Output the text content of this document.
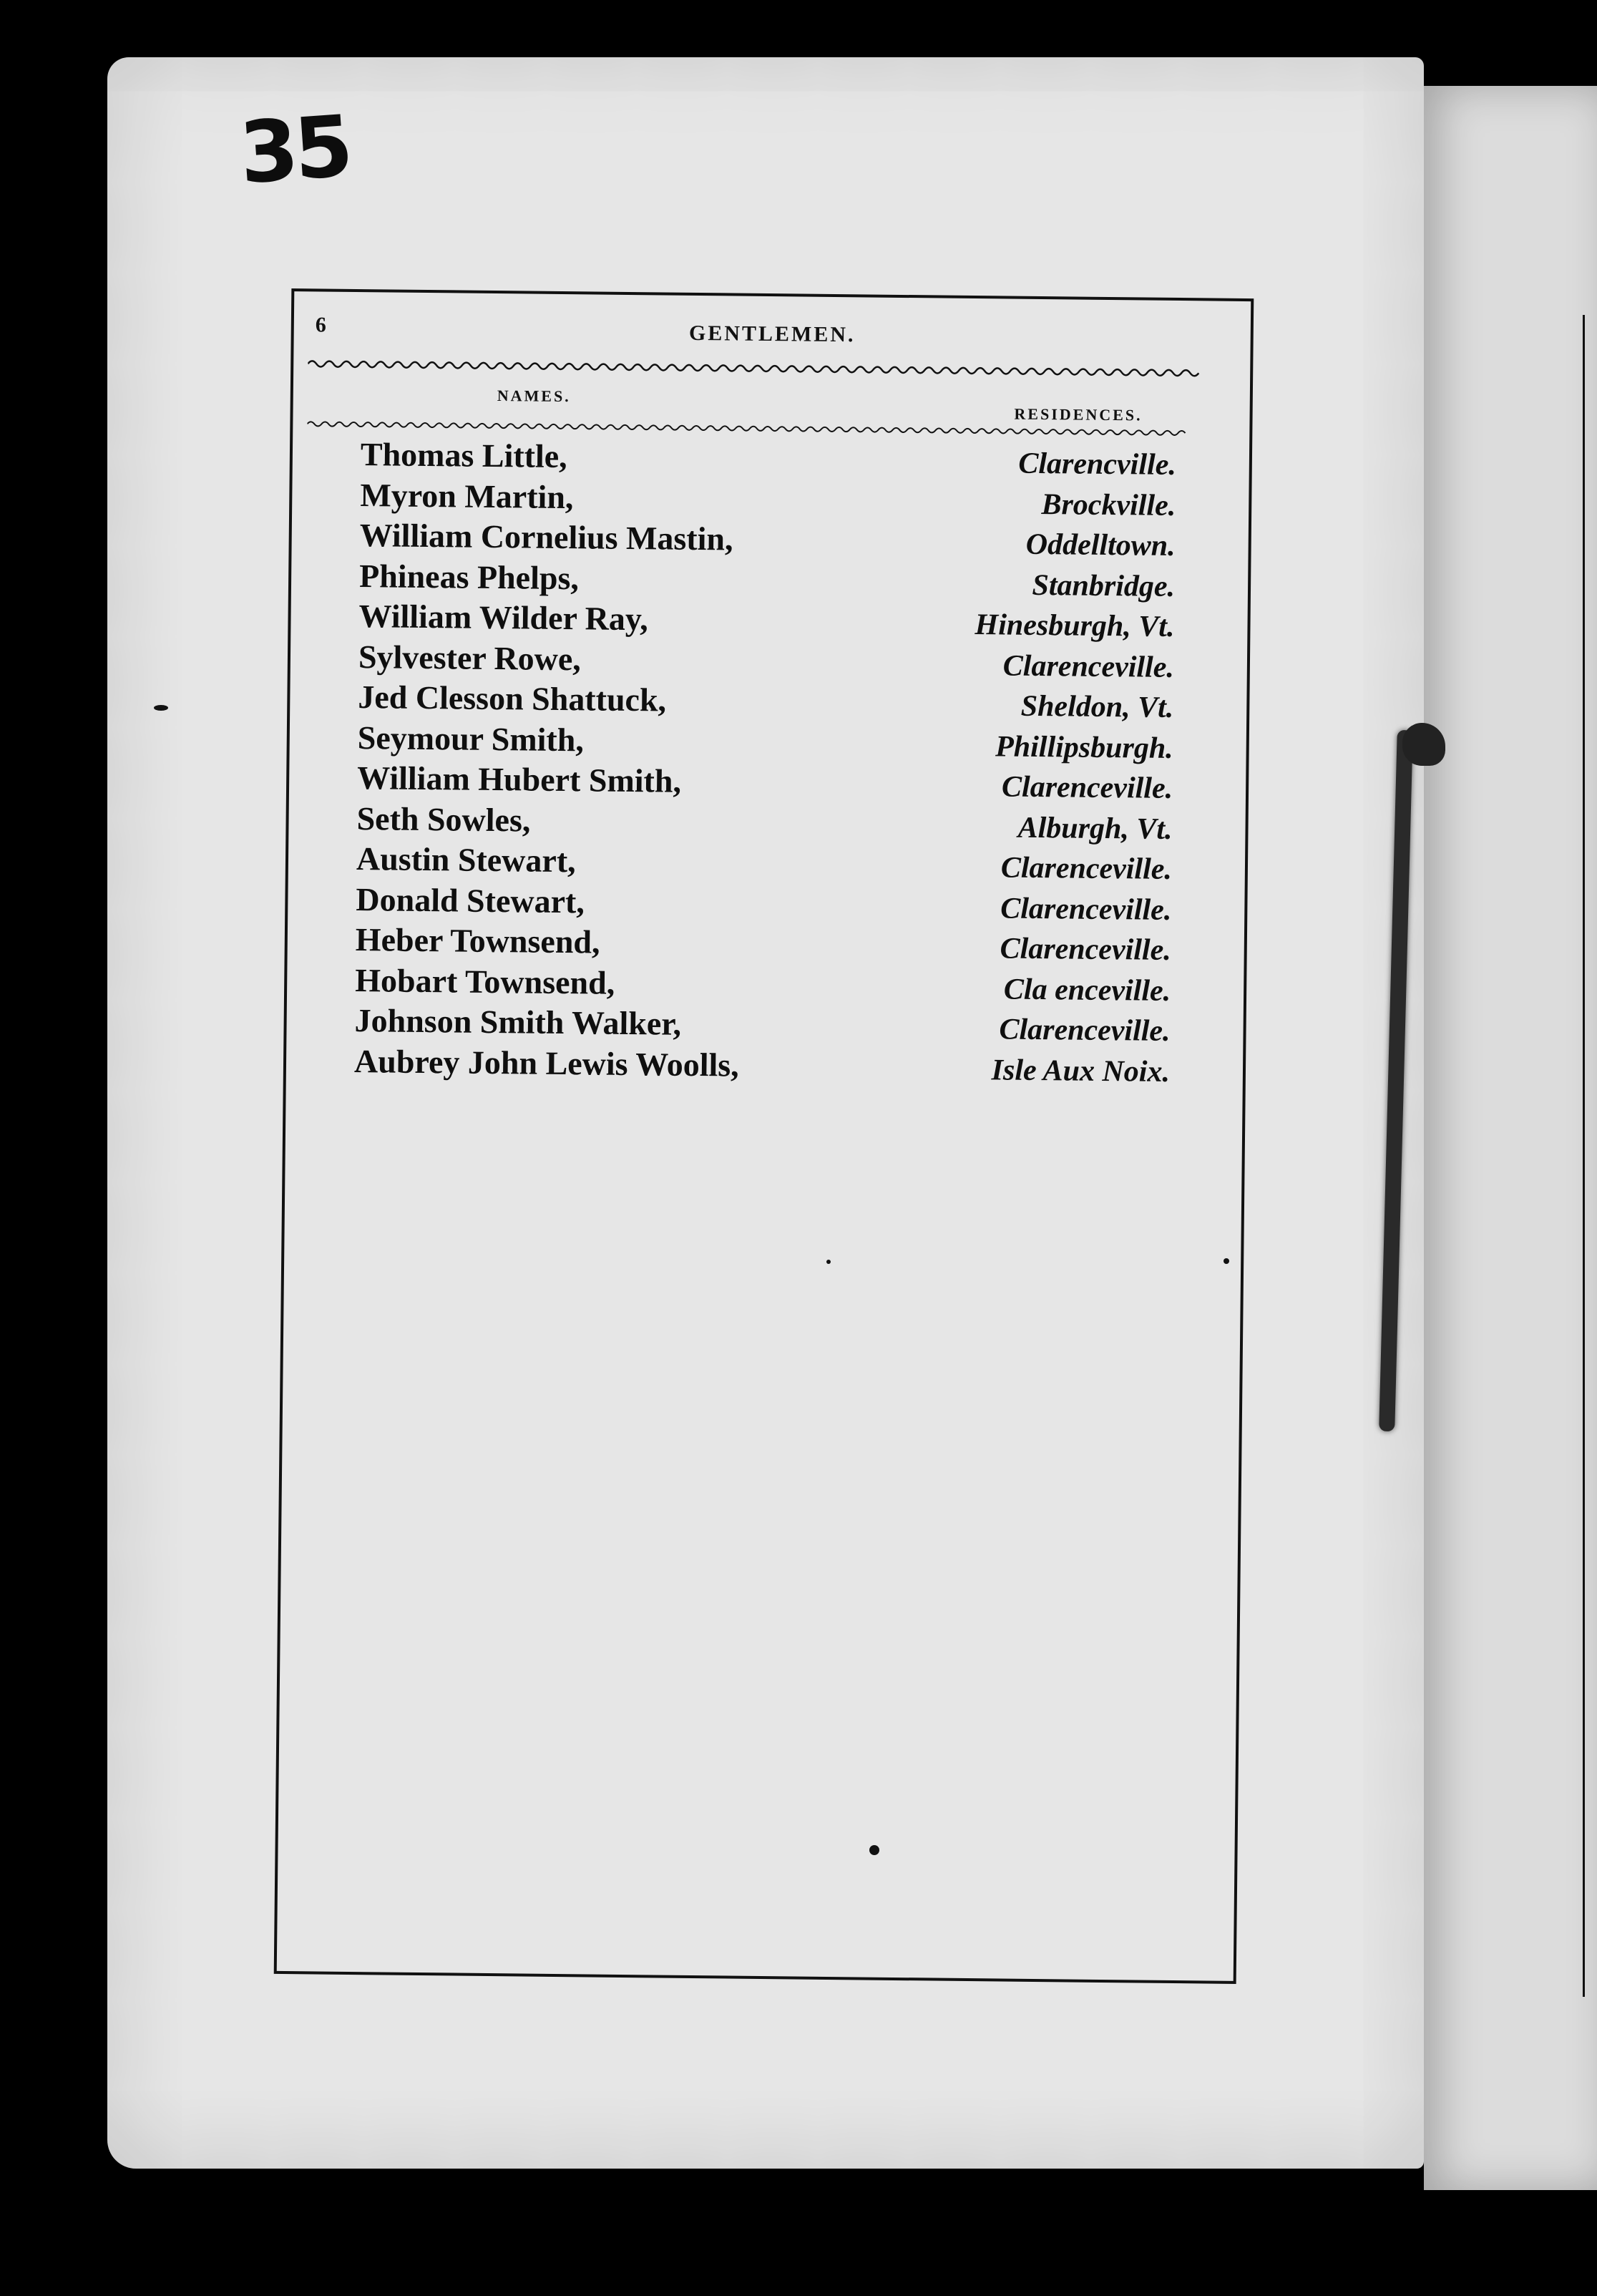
35
6	GENTLEMEN.
NAMES.
RESIDENCES.
Thomas Little,	Clarencville.
Myron Martin,	Brockville.
William Cornelius Mastin,	Oddelltown.
Phineas Phelps,	Stanbridge.
William Wilder Ray,	Hinesburgh, Vt.
Sylvester Rowe,	Clarenceville.
Jed Clesson Shattuck,	Sheldon, Vt.
Seymour Smith,	Phillipsburgh.
William Hubert Smith,	Clarenceville.
Seth Sowles,	Alburgh, Vt.
Austin Stewart,	Clarenceville.
Donald Stewart,	Clarenceville.
Heber Townsend,	Clarenceville.
Hobart Townsend,	Cla enceville.
Johnson Smith Walker,	Clarenceville.
Aubrey John Lewis Woolls,	Isle Aux Noix.
